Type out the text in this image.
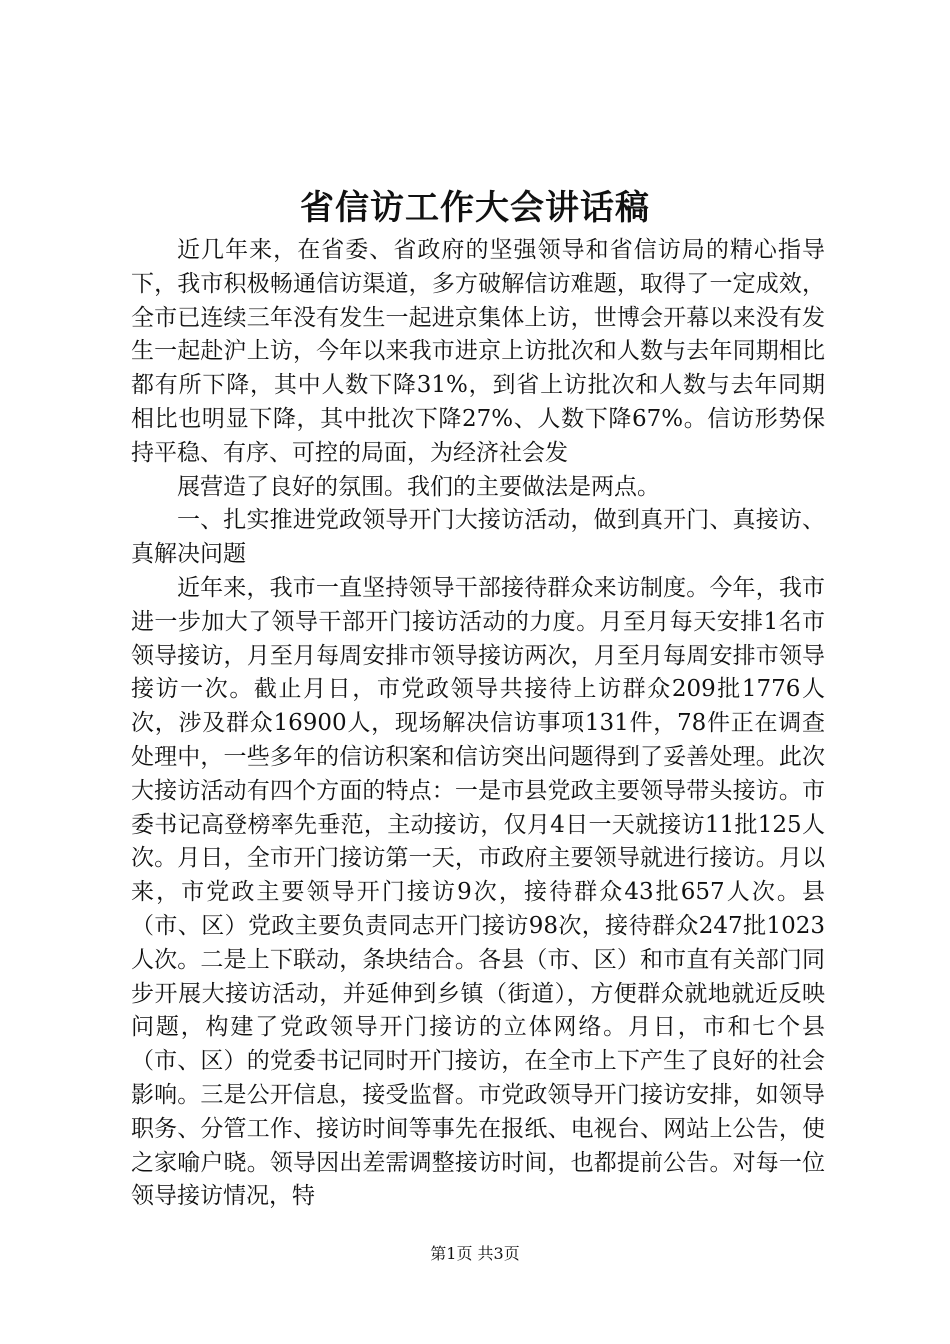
省信访工作大会讲话稿

近几年来，在省委、省政府的坚强领导和省信访局的精心指导下，我市积极畅通信访渠道，多方破解信访难题，取得了一定成效，全市已连续三年没有发生一起进京集体上访，世博会开幕以来没有发生一起赴沪上访，今年以来我市进京上访批次和人数与去年同期相比都有所下降，其中人数下降31%，到省上访批次和人数与去年同期相比也明显下降，其中批次下降27%、人数下降67%。信访形势保持平稳、有序、可控的局面，为经济社会发

展营造了良好的氛围。我们的主要做法是两点。

一、扎实推进党政领导开门大接访活动，做到真开门、真接访、真解决问题

近年来，我市一直坚持领导干部接待群众来访制度。今年，我市进一步加大了领导干部开门接访活动的力度。月至月每天安排1名市领导接访，月至月每周安排市领导接访两次，月至月每周安排市领导接访一次。截止月日，市党政领导共接待上访群众209批1776人次，涉及群众16900人，现场解决信访事项131件，78件正在调查处理中，一些多年的信访积案和信访突出问题得到了妥善处理。此次大接访活动有四个方面的特点：一是市县党政主要领导带头接访。市委书记高登榜率先垂范，主动接访，仅月4日一天就接访11批125人次。月日，全市开门接访第一天，市政府主要领导就进行接访。月以来，市党政主要领导开门接访9次，接待群众43批657人次。县（市、区）党政主要负责同志开门接访98次，接待群众247批1023人次。二是上下联动，条块结合。各县（市、区）和市直有关部门同步开展大接访活动，并延伸到乡镇（街道），方便群众就地就近反映问题，构建了党政领导开门接访的立体网络。月日，市和七个县（市、区）的党委书记同时开门接访，在全市上下产生了良好的社会影响。三是公开信息，接受监督。市党政领导开门接访安排，如领导职务、分管工作、接访时间等事先在报纸、电视台、网站上公告，使之家喻户晓。领导因出差需调整接访时间，也都提前公告。对每一位领导接访情况，特

第1页 共3页
